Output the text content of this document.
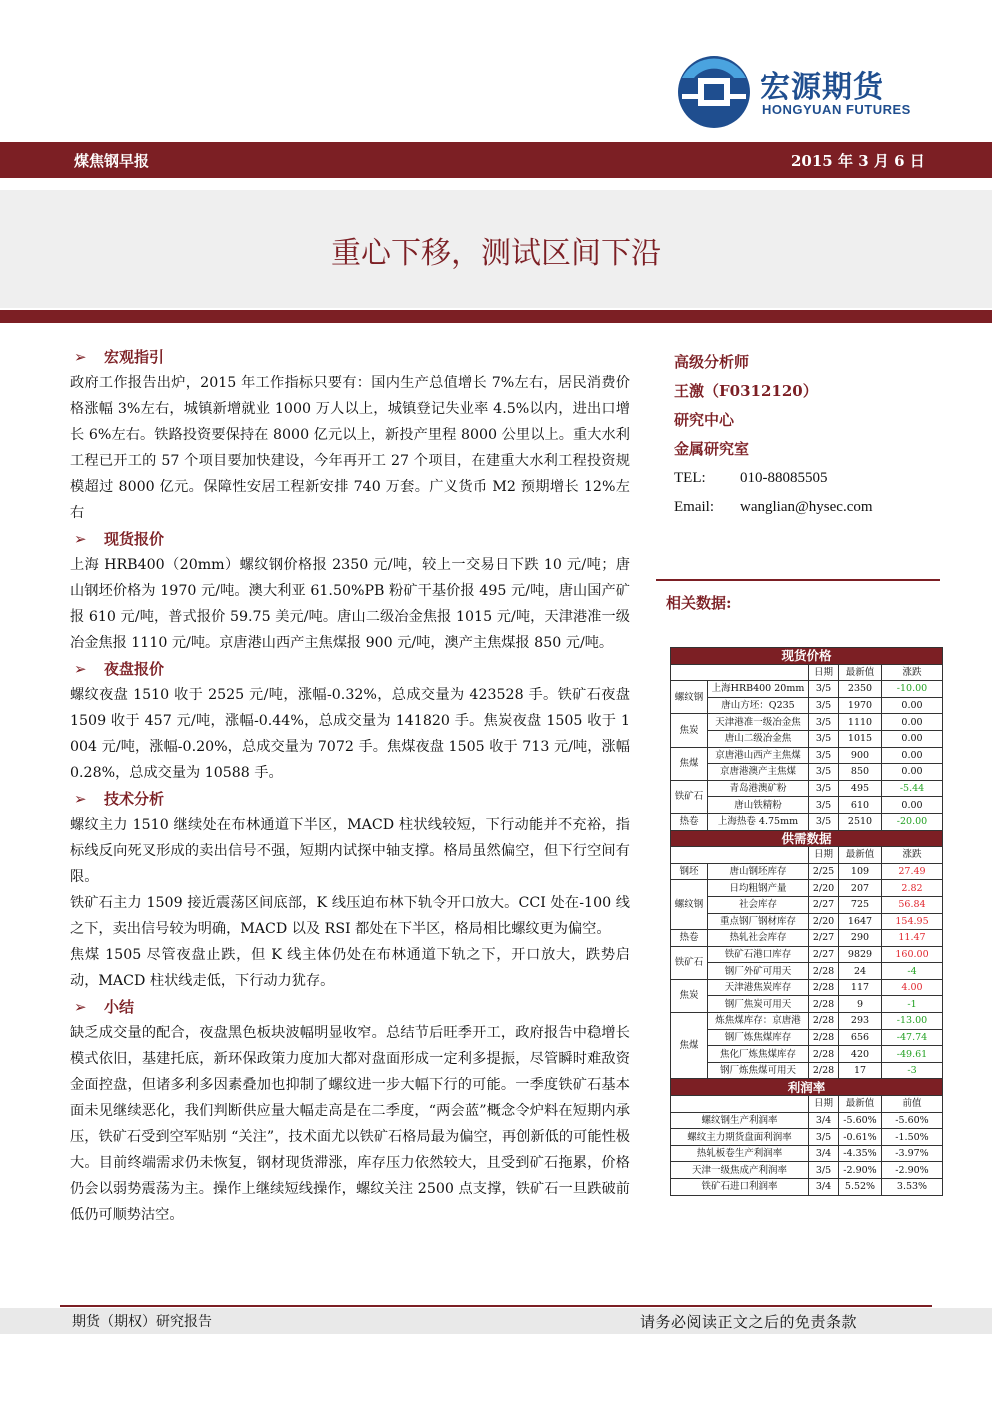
宏源期货
HONGYUAN FUTURES
煤焦钢早报	2015 年 3 月 6 日
重心下移，测试区间下沿
➢ 宏观指引

政府工作报告出炉，2015 年工作指标只要有：国内生产总值增长 7%左右，居民消费价格涨幅 3%左右，城镇新增就业 1000 万人以上，城镇登记失业率 4.5%以内，进出口增长 6%左右。铁路投资要保持在 8000 亿元以上，新投产里程 8000 公里以上。重大水利工程已开工的 57 个项目要加快建设，今年再开工 27 个项目，在建重大水利工程投资规模超过 8000 亿元。保障性安居工程新安排 740 万套。广义货币 M2 预期增长 12%左右

➢ 现货报价

上海 HRB400（20mm）螺纹钢价格报 2350 元/吨，较上一交易日下跌 10 元/吨；唐山钢坯价格为 1970 元/吨。澳大利亚 61.50%PB 粉矿干基价报 495 元/吨，唐山国产矿报 610 元/吨，普式报价 59.75 美元/吨。唐山二级冶金焦报 1015 元/吨，天津港准一级冶金焦报 1110 元/吨。京唐港山西产主焦煤报 900 元/吨，澳产主焦煤报 850 元/吨。

➢ 夜盘报价

螺纹夜盘 1510 收于 2525 元/吨，涨幅-0.32%，总成交量为 423528 手。铁矿石夜盘 1509 收于 457 元/吨，涨幅-0.44%，总成交量为 141820 手。焦炭夜盘 1505 收于 1004 元/吨，涨幅-0.20%，总成交量为 7072 手。焦煤夜盘 1505 收于 713 元/吨，涨幅 0.28%，总成交量为 10588 手。

➢ 技术分析

螺纹主力 1510 继续处在布林通道下半区，MACD 柱状线较短，下行动能并不充裕，指标线反向死叉形成的卖出信号不强，短期内试探中轴支撑。格局虽然偏空，但下行空间有限。

铁矿石主力 1509 接近震荡区间底部，K 线压迫布林下轨令开口放大。CCI 处在-100 线之下，卖出信号较为明确，MACD 以及 RSI 都处在下半区，格局相比螺纹更为偏空。

焦煤 1505 尽管夜盘止跌，但 K 线主体仍处在布林通道下轨之下，开口放大，跌势启动，MACD 柱状线走低，下行动力犹存。

➢ 小结

缺乏成交量的配合，夜盘黑色板块波幅明显收窄。总结节后旺季开工，政府报告中稳增长模式依旧，基建托底，新环保政策力度加大都对盘面形成一定利多提振，尽管瞬时难敌资金面控盘，但诸多利多因素叠加也抑制了螺纹进一步大幅下行的可能。一季度铁矿石基本面未见继续恶化，我们判断供应量大幅走高是在二季度，“两会蓝”概念令炉料在短期内承压，铁矿石受到空军贴别 “关注”，技术面尤以铁矿石格局最为偏空，再创新低的可能性极大。目前终端需求仍未恢复，钢材现货滞涨，库存压力依然较大，且受到矿石拖累，价格仍会以弱势震荡为主。操作上继续短线操作，螺纹关注 2500 点支撑，铁矿石一旦跌破前低仍可顺势沽空。

高级分析师
王激（F0312120）
研究中心
金属研究室
TEL: 010-88085505
Email: wanglian@hysec.com
相关数据:
现货价格				
		日期	最新值	涨跌
螺纹钢	上海HRB400 20mm	3/5	2350	-10.00
	唐山方坯：Q235	3/5	1970	0.00
焦炭	天津港准一级冶金焦	3/5	1110	0.00
	唐山二级冶金焦	3/5	1015	0.00
焦煤	京唐港山西产主焦煤	3/5	900	0.00
	京唐港澳产主焦煤	3/5	850	0.00
铁矿石	青岛港澳矿粉	3/5	495	-5.44
	唐山铁精粉	3/5	610	0.00
热卷	上海热卷 4.75mm	3/5	2510	-20.00
供需数据				
		日期	最新值	涨跌
钢坯	唐山钢坯库存	2/25	109	27.49
螺纹钢	日均粗钢产量	2/20	207	2.82
	社会库存	2/27	725	56.84
	重点钢厂钢材库存	2/20	1647	154.95
热卷	热轧社会库存	2/27	290	11.47
铁矿石	铁矿石港口库存	2/27	9829	160.00
	钢厂外矿可用天	2/28	24	-4
焦炭	天津港焦炭库存	2/28	117	4.00
	钢厂焦炭可用天	2/28	9	-1
焦煤	炼焦煤库存：京唐港	2/28	293	-13.00
	钢厂炼焦煤库存	2/28	656	-47.74
	焦化厂炼焦煤库存	2/28	420	-49.61
	钢厂炼焦煤可用天	2/28	17	-3
利润率				
		日期	最新值	前值
螺纹钢生产利润率		3/4	-5.60%	-5.60%
螺纹主力期货盘面利润率		3/5	-0.61%	-1.50%
热轧板卷生产利润率		3/4	-4.35%	-3.97%
天津一级焦成产利润率		3/5	-2.90%	-2.90%
铁矿石进口利润率		3/4	5.52%	3.53%
期货（期权）研究报告	请务必阅读正文之后的免责条款
